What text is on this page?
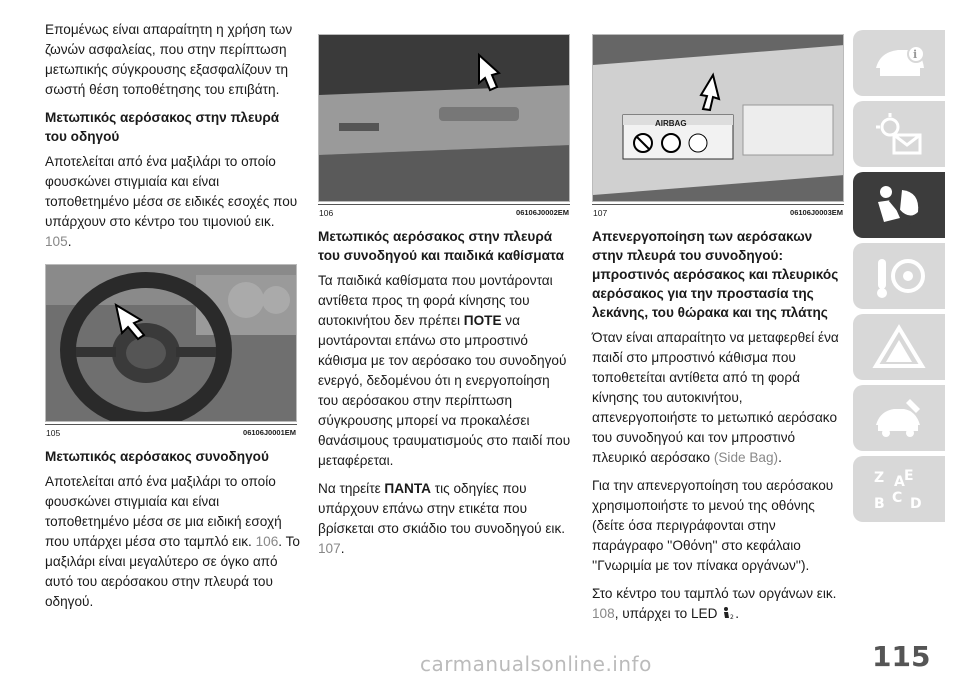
Επομένως είναι απαραίτητη η χρήση των ζωνών ασφαλείας, που στην περίπτωση μετωπικής σύγκρουσης εξασφαλίζουν τη σωστή θέση τοποθέτησης του επιβάτη.

Μετωπικός αερόσακος στην πλευρά του οδηγού

Αποτελείται από ένα μαξιλάρι το οποίο φουσκώνει στιγμιαία και είναι τοποθετημένο μέσα σε ειδικές εσοχές που υπάρχουν στο κέντρο του τιμονιού εικ. 105.

105	06106J0001EM
Μετωπικός αερόσακος συνοδηγού

Αποτελείται από ένα μαξιλάρι το οποίο φουσκώνει στιγμιαία και είναι τοποθετημένο μέσα σε μια ειδική εσοχή που υπάρχει μέσα στο ταμπλό εικ. 106. Το μαξιλάρι είναι μεγαλύτερο σε όγκο από αυτό του αερόσακου στην πλευρά του οδηγού.

106	06106J0002EM
Μετωπικός αερόσακος στην πλευρά του συνοδηγού και παιδικά καθίσματα

Τα παιδικά καθίσματα που μοντάρονται αντίθετα προς τη φορά κίνησης του αυτοκινήτου δεν πρέπει ΠΟΤΕ να μοντάρονται επάνω στο μπροστινό κάθισμα με τον αερόσακο του συνοδηγού ενεργό, δεδομένου ότι η ενεργοποίηση του αερόσακου στην περίπτωση σύγκρουσης μπορεί να προκαλέσει θανάσιμους τραυματισμούς στο παιδί που μεταφέρεται.

Να τηρείτε ΠΑΝΤΑ τις οδηγίες που υπάρχουν επάνω στην ετικέτα που βρίσκεται στο σκιάδιο του συνοδηγού εικ. 107.

AIRBAG
107	06106J0003EM
Απενεργοποίηση των αερόσακων στην πλευρά του συνοδηγού: μπροστινός αερόσακος και πλευρικός αερόσακος για την προστασία της λεκάνης, του θώρακα και της πλάτης

Όταν είναι απαραίτητο να μεταφερθεί ένα παιδί στο μπροστινό κάθισμα που τοποθετείται αντίθετα από τη φορά κίνησης του αυτοκινήτου, απενεργοποιήστε το μετωπικό αερόσακο του συνοδηγού και τον μπροστινό πλευρικό αερόσακο (Side Bag).

Για την απενεργοποίηση του αερόσακου χρησιμοποιήστε το μενού της οθόνης (δείτε όσα περιγράφονται στην παράγραφο ''Οθόνη'' στο κεφάλαιο ''Γνωριμία με τον πίνακα οργάνων'').

Στο κέντρο του ταμπλό των οργάνων εικ. 108, υπάρχει το LED 2 .

i
Z E
B C D
A
115
carmanualsonline.info
